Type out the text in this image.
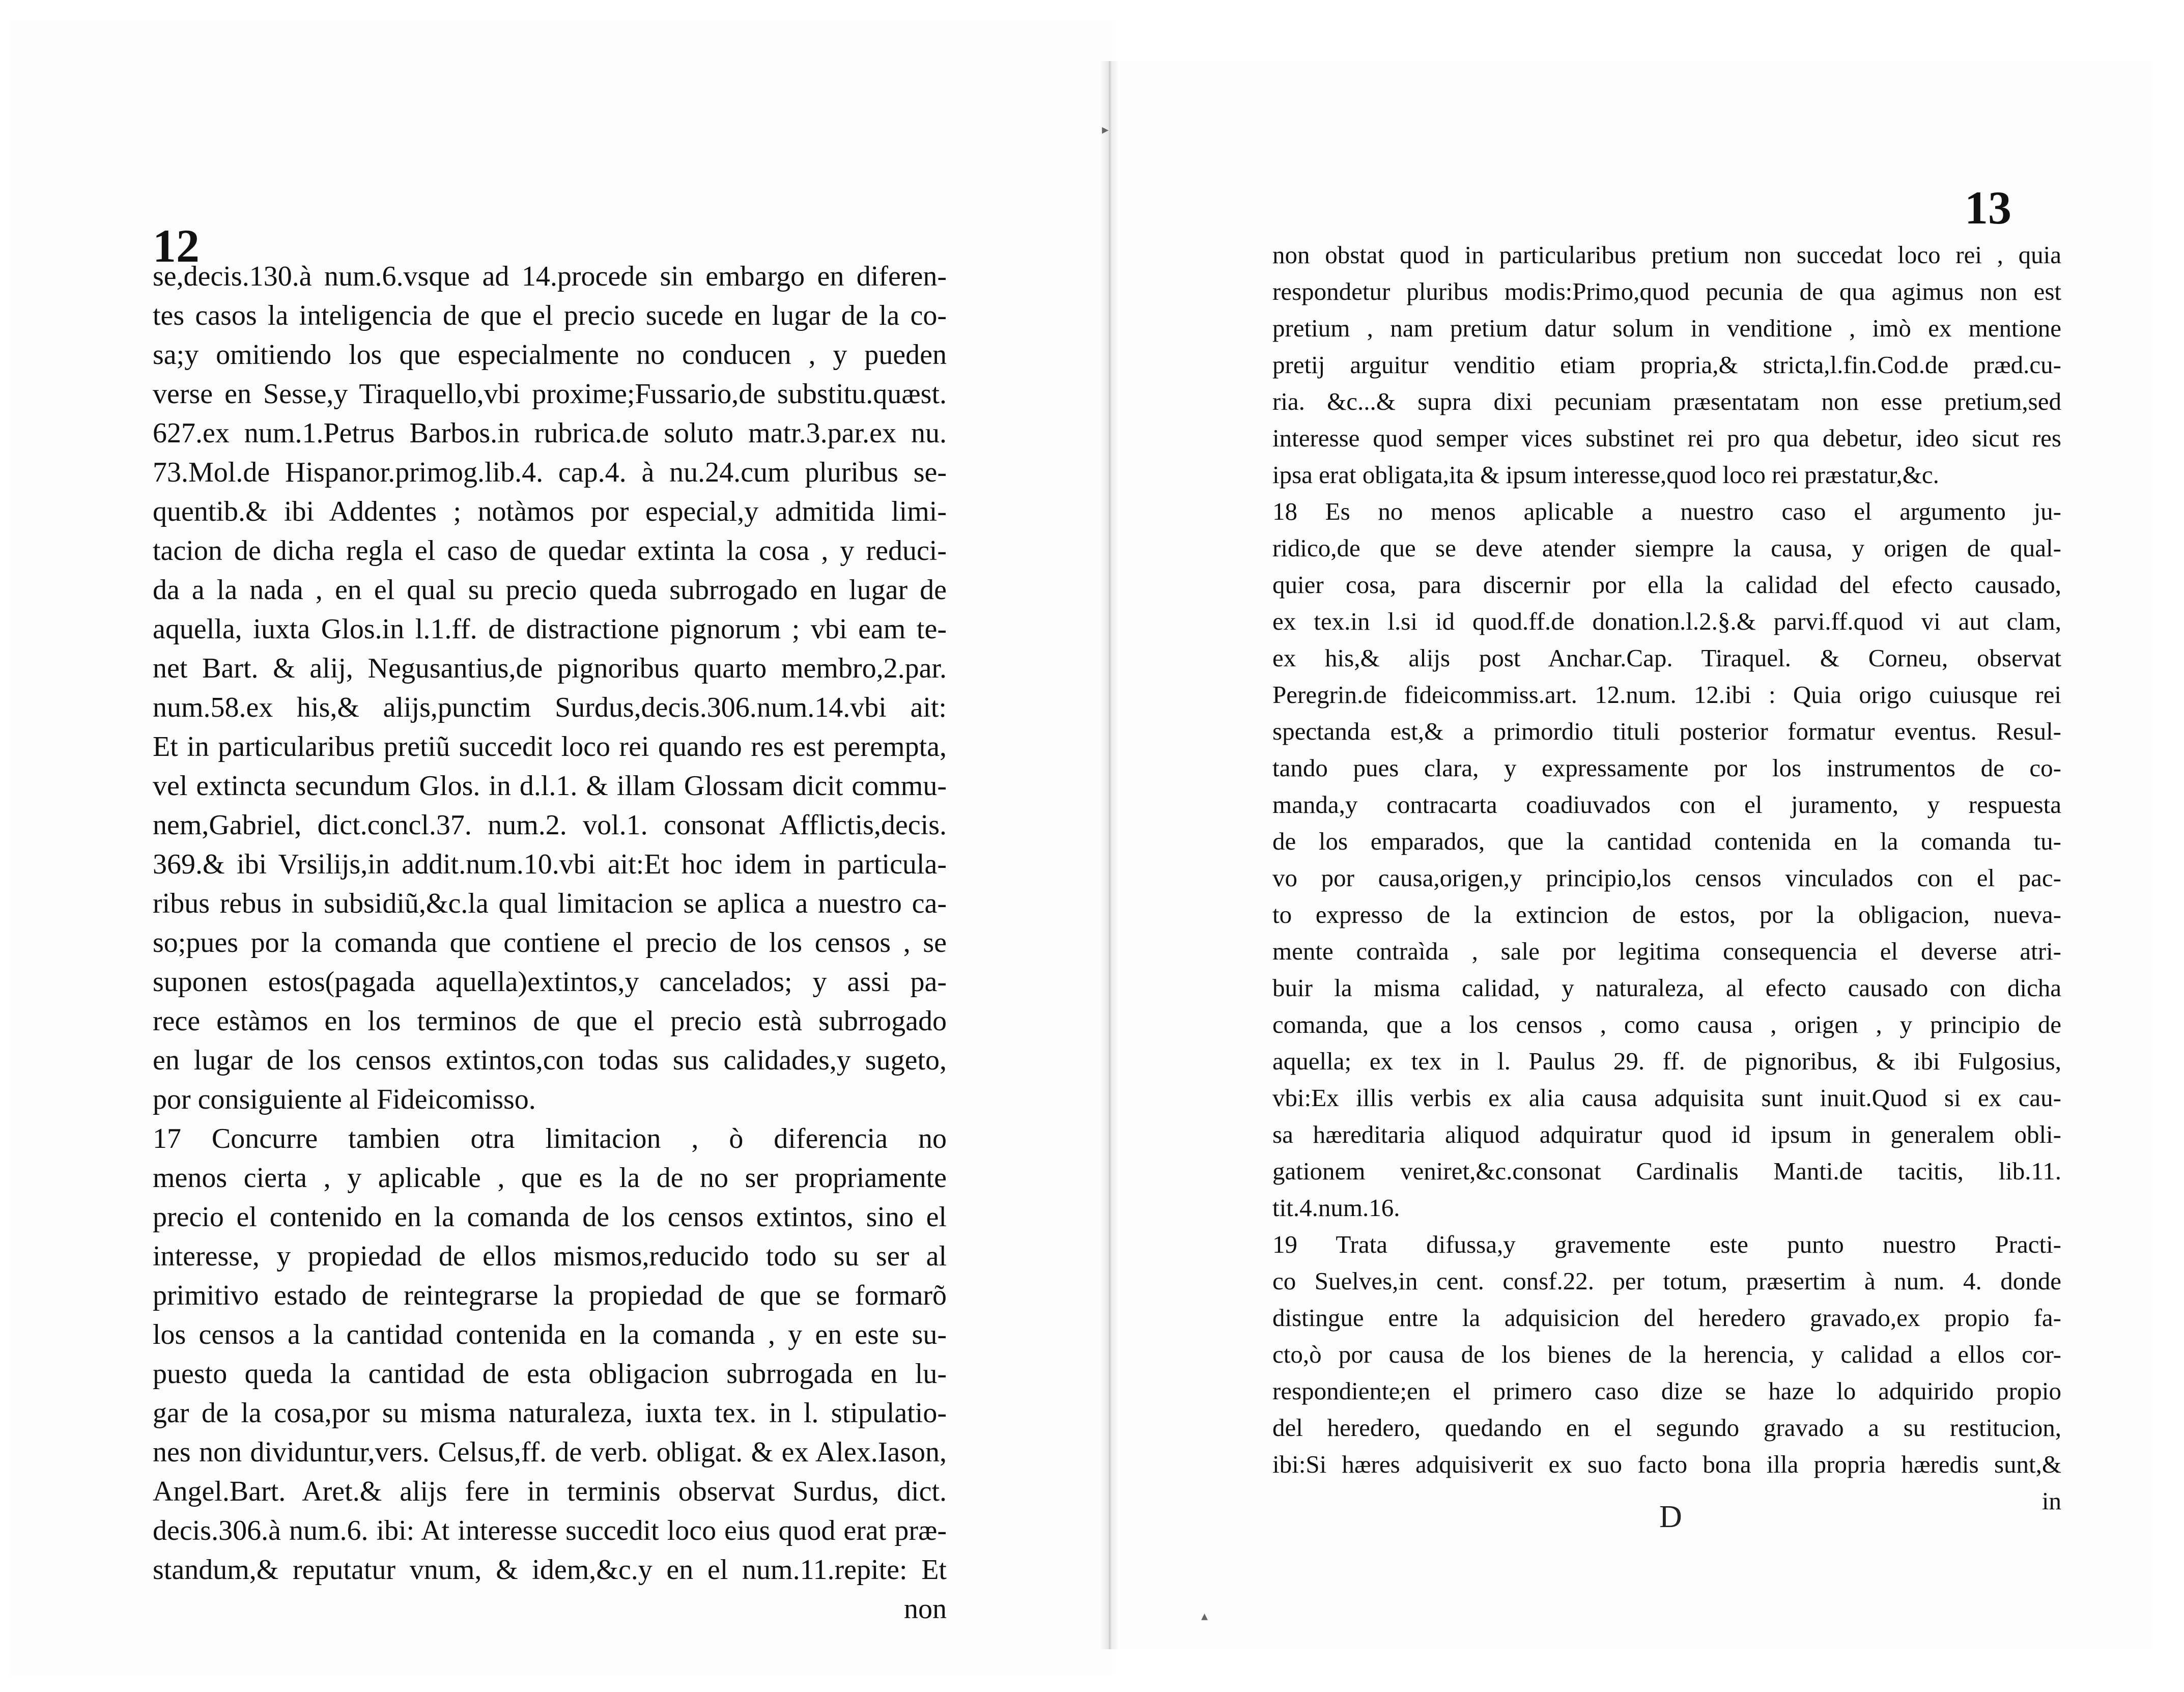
12
13
se,decis.130.à num.6.vsque ad 14.procede sin embargo en diferen-
tes casos la inteligencia de que el precio sucede en lugar de la co-
sa;y omitiendo los que especialmente no conducen , y pueden
verse en Sesse,y Tiraquello,vbi proxime;Fussario,de substitu.quæst.
627.ex num.1.Petrus Barbos.in rubrica.de soluto matr.3.par.ex nu.
73.Mol.de Hispanor.primog.lib.4. cap.4. à nu.24.cum pluribus se-
quentib.& ibi Addentes ; notàmos por especial,y admitida limi-
tacion de dicha regla el caso de quedar extinta la cosa , y reduci-
da a la nada , en el qual su precio queda subrrogado en lugar de
aquella, iuxta Glos.in l.1.ff. de distractione pignorum ; vbi eam te-
net Bart. & alij, Negusantius,de pignoribus quarto membro,2.par.
num.58.ex his,& alijs,punctim Surdus,decis.306.num.14.vbi ait:
Et in particularibus pretiũ succedit loco rei quando res est perempta,
vel extincta secundum Glos. in d.l.1. & illam Glossam dicit commu-
nem,Gabriel, dict.concl.37. num.2. vol.1. consonat Afflictis,decis.
369.& ibi Vrsilijs,in addit.num.10.vbi ait:Et hoc idem in particula-
ribus rebus in subsidiũ,&c.la qual limitacion se aplica a nuestro ca-
so;pues por la comanda que contiene el precio de los censos , se
suponen estos(pagada aquella)extintos,y cancelados; y assi pa-
rece estàmos en los terminos de que el precio està subrrogado
en lugar de los censos extintos,con todas sus calidades,y sugeto,
por consiguiente al Fideicomisso.
17 Concurre tambien otra limitacion , ò diferencia no
menos cierta , y aplicable , que es la de no ser propriamente
precio el contenido en la comanda de los censos extintos, sino el
interesse, y propiedad de ellos mismos,reducido todo su ser al
primitivo estado de reintegrarse la propiedad de que se formarõ
los censos a la cantidad contenida en la comanda , y en este su-
puesto queda la cantidad de esta obligacion subrrogada en lu-
gar de la cosa,por su misma naturaleza, iuxta tex. in l. stipulatio-
nes non dividuntur,vers. Celsus,ff. de verb. obligat. & ex Alex.Iason,
Angel.Bart. Aret.& alijs fere in terminis observat Surdus, dict.
decis.306.à num.6. ibi: At interesse succedit loco eius quod erat præ-
standum,& reputatur vnum, & idem,&c.y en el num.11.repite: Et
non
non obstat quod in particularibus pretium non succedat loco rei , quia
respondetur pluribus modis:Primo,quod pecunia de qua agimus non est
pretium , nam pretium datur solum in venditione , imò ex mentione
pretij arguitur venditio etiam propria,& stricta,l.fin.Cod.de præd.cu-
ria. &c...& supra dixi pecuniam præsentatam non esse pretium,sed
interesse quod semper vices substinet rei pro qua debetur, ideo sicut res
ipsa erat obligata,ita & ipsum interesse,quod loco rei præstatur,&c.
18 Es no menos aplicable a nuestro caso el argumento ju-
ridico,de que se deve atender siempre la causa, y origen de qual-
quier cosa, para discernir por ella la calidad del efecto causado,
ex tex.in l.si id quod.ff.de donation.l.2.§.& parvi.ff.quod vi aut clam,
ex his,& alijs post Anchar.Cap. Tiraquel. & Corneu, observat
Peregrin.de fideicommiss.art. 12.num. 12.ibi : Quia origo cuiusque rei
spectanda est,& a primordio tituli posterior formatur eventus. Resul-
tando pues clara, y expressamente por los instrumentos de co-
manda,y contracarta coadiuvados con el juramento, y respuesta
de los emparados, que la cantidad contenida en la comanda tu-
vo por causa,origen,y principio,los censos vinculados con el pac-
to expresso de la extincion de estos, por la obligacion, nueva-
mente contraìda , sale por legitima consequencia el deverse atri-
buir la misma calidad, y naturaleza, al efecto causado con dicha
comanda, que a los censos , como causa , origen , y principio de
aquella; ex tex in l. Paulus 29. ff. de pignoribus, & ibi Fulgosius,
vbi:Ex illis verbis ex alia causa adquisita sunt inuit.Quod si ex cau-
sa hæreditaria aliquod adquiratur quod id ipsum in generalem obli-
gationem veniret,&c.consonat Cardinalis Manti.de tacitis, lib.11.
tit.4.num.16.
19 Trata difussa,y gravemente este punto nuestro Practi-
co Suelves,in cent. consf.22. per totum, præsertim à num. 4. donde
distingue entre la adquisicion del heredero gravado,ex propio fa-
cto,ò por causa de los bienes de la herencia, y calidad a ellos cor-
respondiente;en el primero caso dize se haze lo adquirido propio
del heredero, quedando en el segundo gravado a su restitucion,
ibi:Si hæres adquisiverit ex suo facto bona illa propria hæredis sunt,&
in
D
▸
▴
